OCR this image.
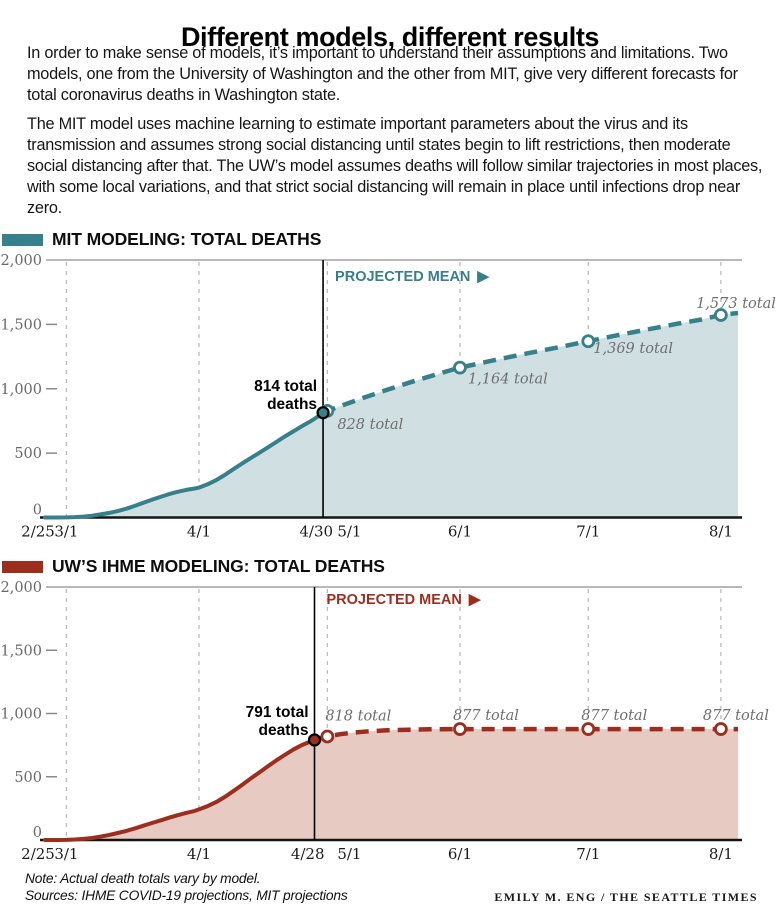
Different models, different results

In order to make sense of models, it’s important to understand their assumptions and limitations. Two models, one from the University of Washington and the other from MIT, give very different forecasts for total coronavirus deaths in Washington state.

The MIT model uses machine learning to estimate important parameters about the virus and its transmission and assumes strong social distancing until states begin to lift restrictions, then moderate social distancing after that. The UW’s model assumes deaths will follow similar trajectories in most places, with some local variations, and that strict social distancing will remain in place until infections drop near zero.

MIT MODELING: TOTAL DEATHS
0
500
1,000
1,500
2,000
828 total
1,164 total
1,369 total
1,573 total
PROJECTED MEAN ▶
814 total
deaths
2/25 3/1	4/1	4/30 5/1	6/1	7/1	8/1
UW’S IHME MODELING: TOTAL DEATHS
0
500
1,000
1,500
2,000
818 total	877 total	877 total	877 total
PROJECTED MEAN ▶
791 total
deaths
2/25 3/1	4/1	4/28 5/1	6/1	7/1	8/1

Note: Actual death totals vary by model.

Sources: IHME COVID-19 projections, MIT projections	EMILY M. ENG / THE SEATTLE TIMES
